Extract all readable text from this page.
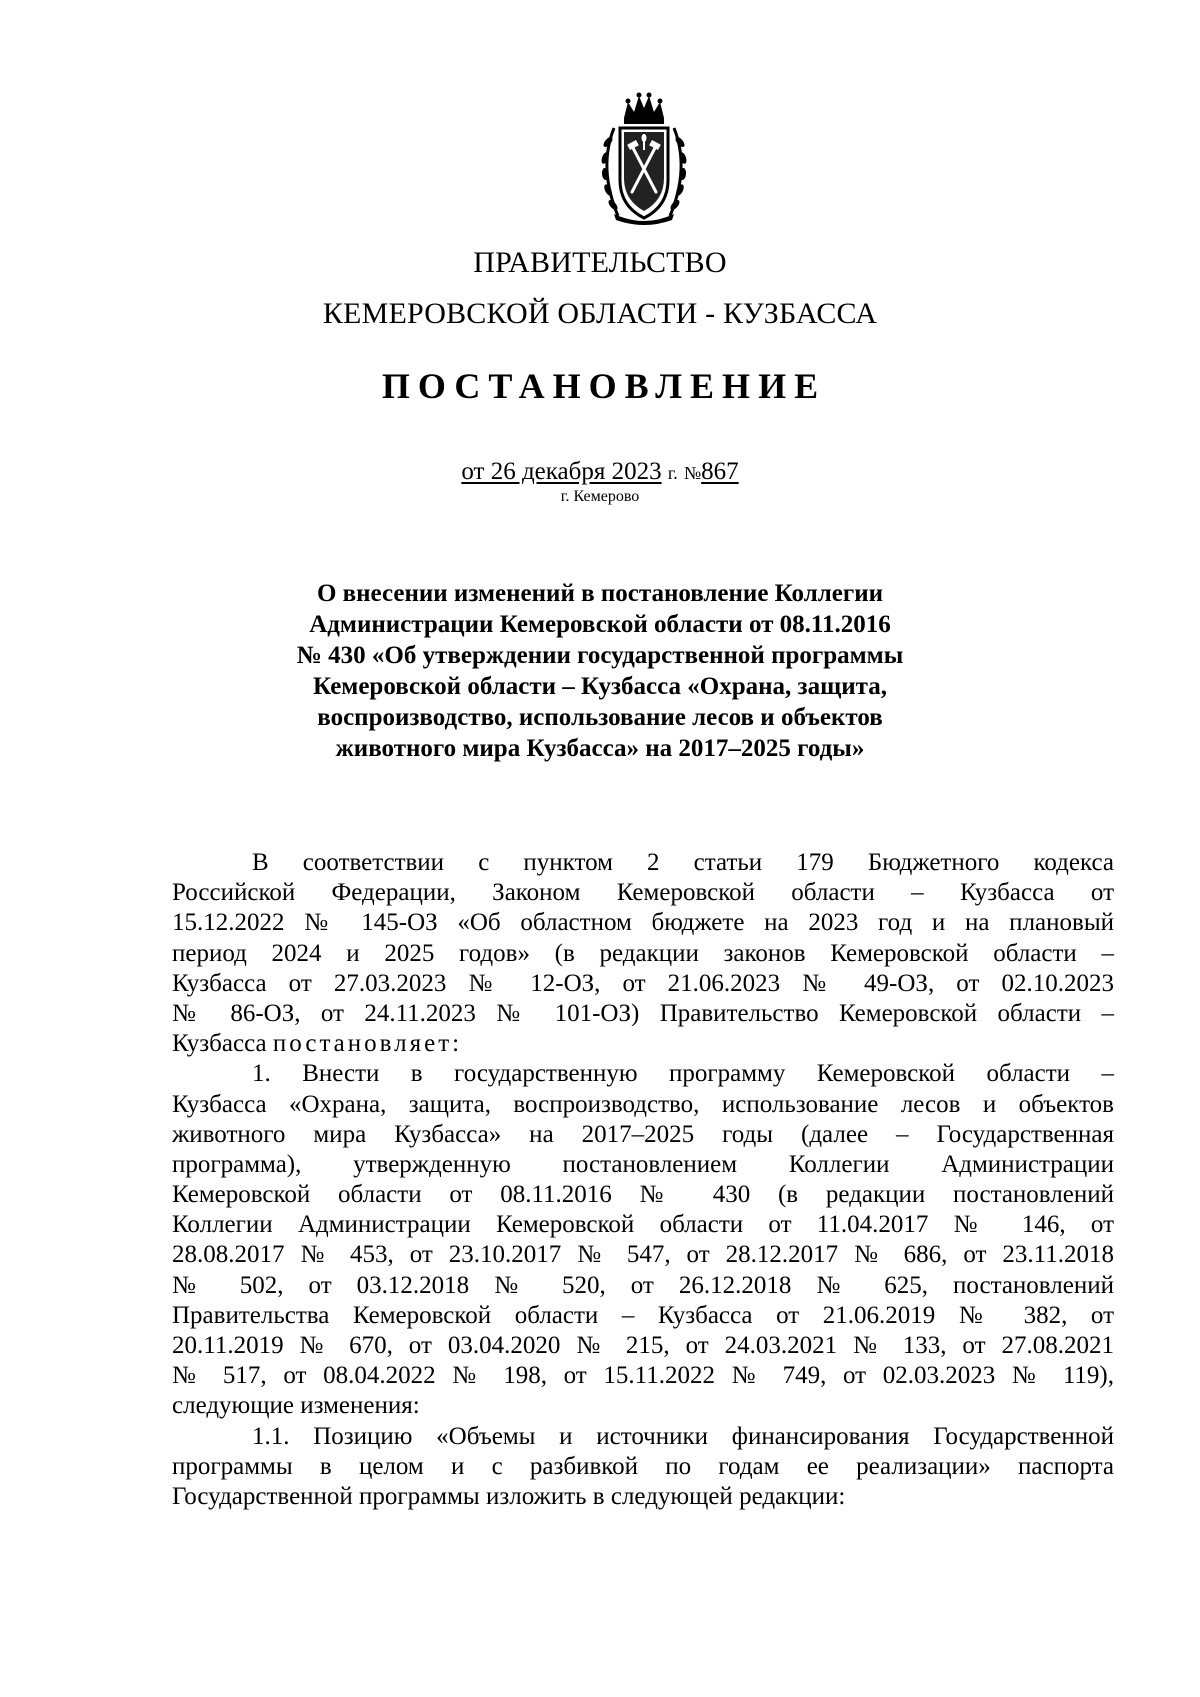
ПРАВИТЕЛЬСТВО
КЕМЕРОВСКОЙ ОБЛАСТИ - КУЗБАССА
ПОСТАНОВЛЕНИЕ
от 26 декабря 2023 г. №867
г. Кемерово
О внесении изменений в постановление Коллегии
Администрации Кемеровской области от 08.11.2016
№ 430 «Об утверждении государственной программы
Кемеровской области – Кузбасса «Охрана, защита,
воспроизводство, использование лесов и объектов
животного мира Кузбасса» на 2017–2025 годы»
В соответствии с пунктом 2 статьи 179 Бюджетного кодекса
Российской Федерации, Законом Кемеровской области – Кузбасса от
15.12.2022 № 145-ОЗ «Об областном бюджете на 2023 год и на плановый
период 2024 и 2025 годов» (в редакции законов Кемеровской области –
Кузбасса от 27.03.2023 № 12-ОЗ, от 21.06.2023 № 49-ОЗ, от 02.10.2023
№ 86-ОЗ, от 24.11.2023 № 101-ОЗ) Правительство Кемеровской области –
Кузбасса постановляет:
1. Внести в государственную программу Кемеровской области –
Кузбасса «Охрана, защита, воспроизводство, использование лесов и объектов
животного мира Кузбасса» на 2017–2025 годы (далее – Государственная
программа), утвержденную постановлением Коллегии Администрации
Кемеровской области от 08.11.2016 № 430 (в редакции постановлений
Коллегии Администрации Кемеровской области от 11.04.2017 № 146, от
28.08.2017 № 453, от 23.10.2017 № 547, от 28.12.2017 № 686, от 23.11.2018
№ 502, от 03.12.2018 № 520, от 26.12.2018 № 625, постановлений
Правительства Кемеровской области – Кузбасса от 21.06.2019 № 382, от
20.11.2019 № 670, от 03.04.2020 № 215, от 24.03.2021 № 133, от 27.08.2021
№ 517, от 08.04.2022 № 198, от 15.11.2022 № 749, от 02.03.2023 № 119),
следующие изменения:
1.1. Позицию «Объемы и источники финансирования Государственной
программы в целом и с разбивкой по годам ее реализации» паспорта
Государственной программы изложить в следующей редакции:
